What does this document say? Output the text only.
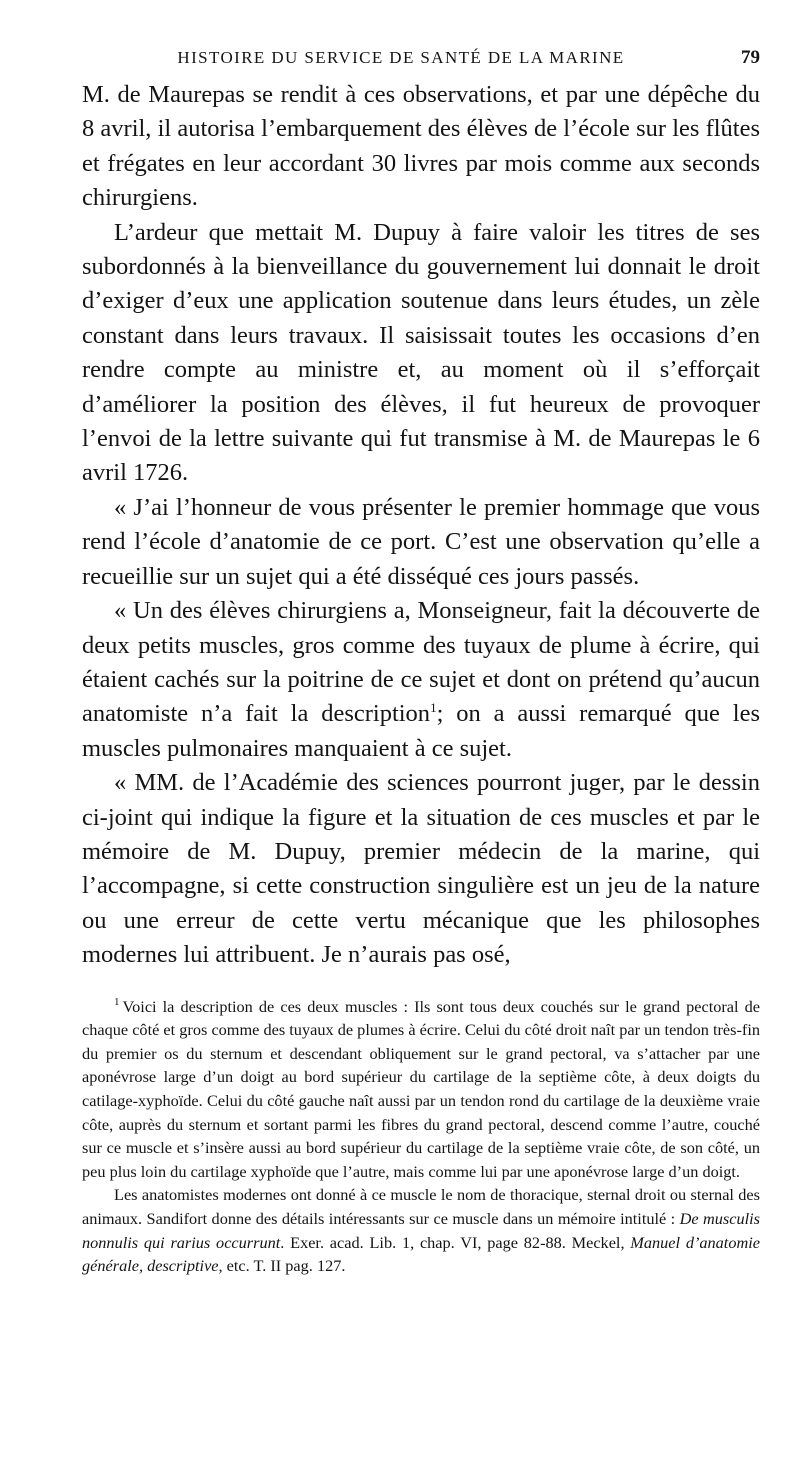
HISTOIRE DU SERVICE DE SANTÉ DE LA MARINE	79

M. de Maurepas se rendit à ces observations, et par une dépêche du 8 avril, il autorisa l’embarquement des élèves de l’école sur les flûtes et frégates en leur accordant 30 livres par mois comme aux seconds chirurgiens.

L’ardeur que mettait M. Dupuy à faire valoir les titres de ses subordonnés à la bienveillance du gouvernement lui donnait le droit d’exiger d’eux une application soutenue dans leurs études, un zèle constant dans leurs travaux. Il saisissait toutes les occasions d’en rendre compte au ministre et, au moment où il s’efforçait d’améliorer la position des élèves, il fut heureux de provoquer l’envoi de la lettre suivante qui fut transmise à M. de Maurepas le 6 avril 1726.

« J’ai l’honneur de vous présenter le premier hommage que vous rend l’école d’anatomie de ce port. C’est une observation qu’elle a recueillie sur un sujet qui a été disséqué ces jours passés.

« Un des élèves chirurgiens a, Monseigneur, fait la découverte de deux petits muscles, gros comme des tuyaux de plume à écrire, qui étaient cachés sur la poitrine de ce sujet et dont on prétend qu’aucun anatomiste n’a fait la description$^1$; on a aussi remarqué que les muscles pulmonaires manquaient à ce sujet.

« MM. de l’Académie des sciences pourront juger, par le dessin ci-joint qui indique la figure et la situation de ces muscles et par le mémoire de M. Dupuy, premier médecin de la marine, qui l’accompagne, si cette construction singulière est un jeu de la nature ou une erreur de cette vertu mécanique que les philosophes modernes lui attribuent. Je n’aurais pas osé,

$^1$ Voici la description de ces deux muscles : Ils sont tous deux couchés sur le grand pectoral de chaque côté et gros comme des tuyaux de plumes à écrire. Celui du côté droit naît par un tendon très-fin du premier os du sternum et descendant obliquement sur le grand pectoral, va s’attacher par une aponévrose large d’un doigt au bord supérieur du cartilage de la septième côte, à deux doigts du catilage-xyphoïde. Celui du côté gauche naît aussi par un tendon rond du cartilage de la deuxième vraie côte, auprès du sternum et sortant parmi les fibres du grand pectoral, descend comme l’autre, couché sur ce muscle et s’insère aussi au bord supérieur du cartilage de la septième vraie côte, de son côté, un peu plus loin du cartilage xyphoïde que l’autre, mais comme lui par une aponévrose large d’un doigt.

Les anatomistes modernes ont donné à ce muscle le nom de thoracique, sternal droit ou sternal des animaux. Sandifort donne des détails intéressants sur ce muscle dans un mémoire intitulé : De musculis nonnulis qui rarius occurrunt. Exer. acad. Lib. 1, chap. VI, page 82-88. Meckel, Manuel d’anatomie générale, descriptive, etc. T. II pag. 127.
